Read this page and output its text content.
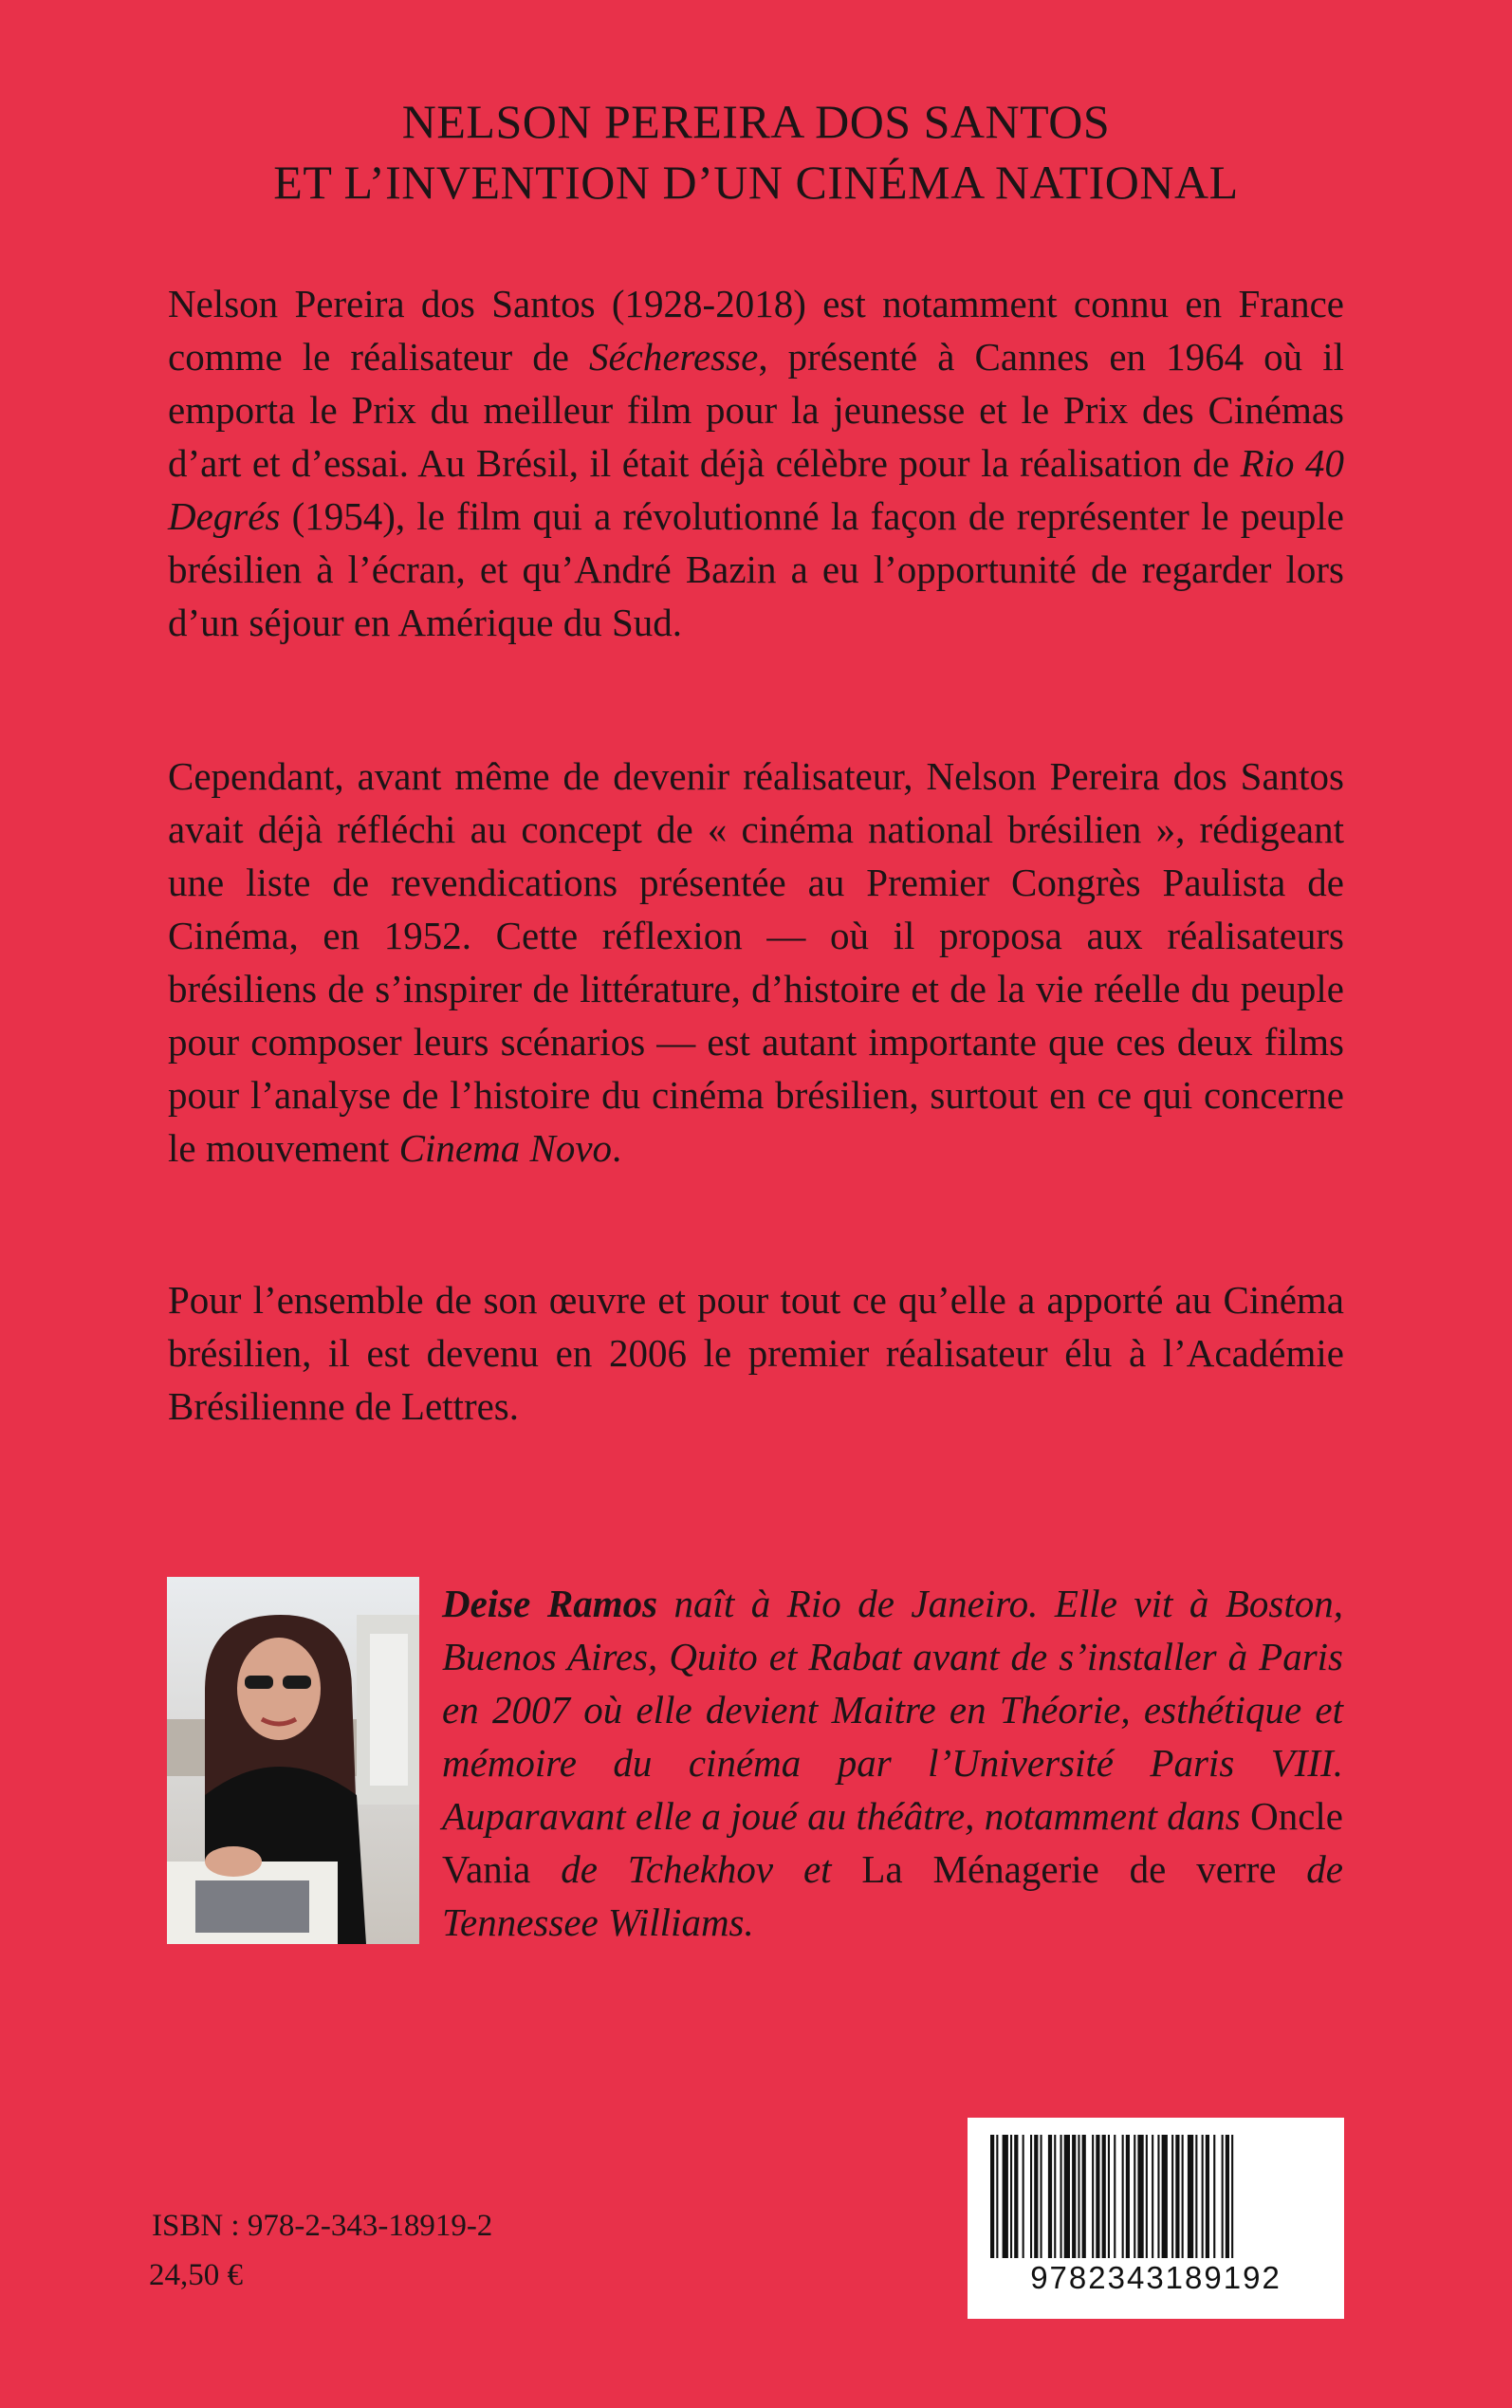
NELSON PEREIRA DOS SANTOS
ET L’INVENTION D’UN CINÉMA NATIONAL
Nelson Pereira dos Santos (1928-2018) est notamment connu en France comme le réalisateur de Sécheresse, présenté à Cannes en 1964 où il emporta le Prix du meilleur film pour la jeunesse et le Prix des Cinémas d’art et d’essai. Au Brésil, il était déjà célèbre pour la réalisation de Rio 40 Degrés (1954), le film qui a révolutionné la façon de représenter le peuple brésilien à l’écran, et qu’André Bazin a eu l’opportunité de regarder lors d’un séjour en Amérique du Sud.
Cependant, avant même de devenir réalisateur, Nelson Pereira dos Santos avait déjà réfléchi au concept de « cinéma national brésilien », rédigeant une liste de revendications présentée au Premier Congrès Paulista de Cinéma, en 1952. Cette réflexion — où il proposa aux réalisateurs brésiliens de s’inspirer de littérature, d’histoire et de la vie réelle du peuple pour composer leurs scénarios — est autant importante que ces deux films pour l’analyse de l’histoire du cinéma brésilien, surtout en ce qui concerne le mouvement Cinema Novo.
Pour l’ensemble de son œuvre et pour tout ce qu’elle a apporté au Cinéma brésilien, il est devenu en 2006 le premier réalisateur élu à l’Académie Brésilienne de Lettres.
Deise Ramos naît à Rio de Janeiro. Elle vit à Boston, Buenos Aires, Quito et Rabat avant de s’installer à Paris en 2007 où elle devient Maitre en Théorie, esthétique et mémoire du cinéma par l’Université Paris VIII. Auparavant elle a joué au théâtre, notamment dans Oncle Vania de Tchekhov et La Ménagerie de verre de Tennessee Williams.
9782343189192
ISBN : 978-2-343-18919-2
24,50 €
